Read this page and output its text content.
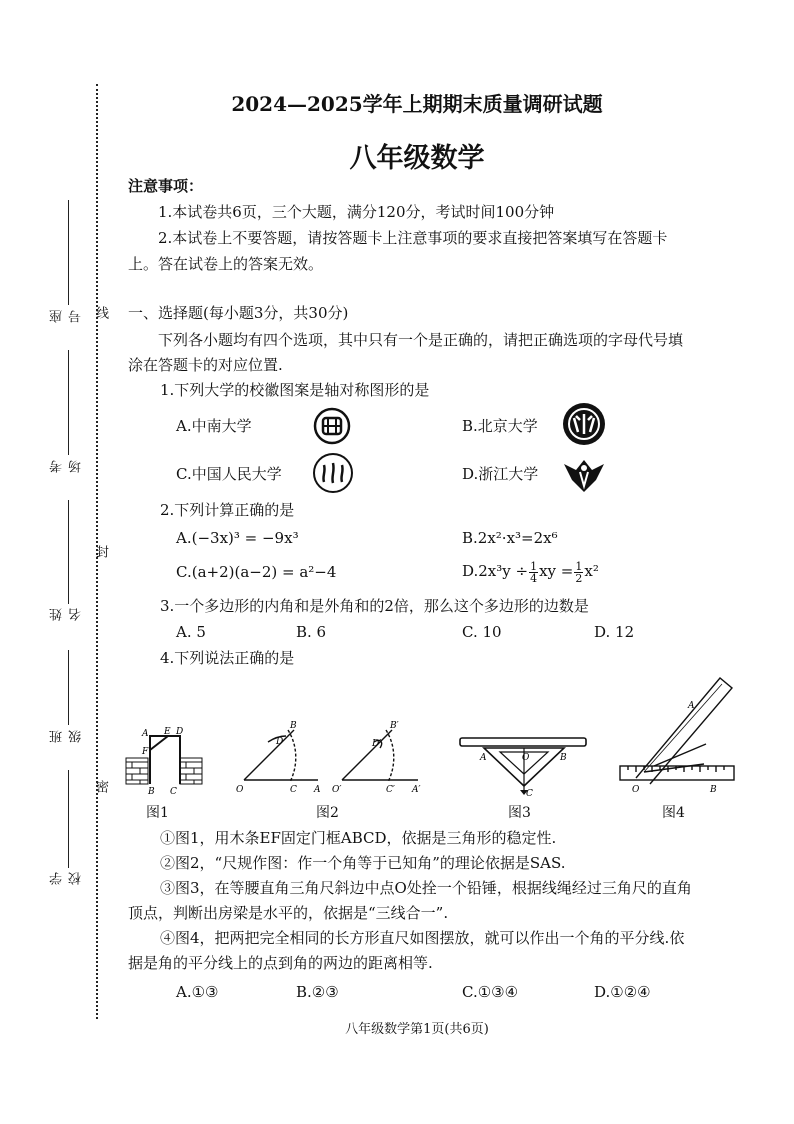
线
封
密
座号
考场
姓名
班级
学校
2024—2025学年上期期末质量调研试题
八年级数学
注意事项：
1.本试卷共6页，三个大题，满分120分，考试时间100分钟
2.本试卷上不要答题，请按答题卡上注意事项的要求直接把答案填写在答题卡
上。答在试卷上的答案无效。
一、选择题(每小题3分，共30分)
下列各小题均有四个选项，其中只有一个是正确的，请把正确选项的字母代号填
涂在答题卡的对应位置.
1.下列大学的校徽图案是轴对称图形的是
A.中南大学	B.北京大学
C.中国人民大学	D.浙江大学
2.下列计算正确的是
A.(−3x)³ = −9x³	B.2x²·x³=2x⁶
C.(a+2)(a−2) = a²−4	$D.2x^3y \div \frac{1}{4}$ xy = $\frac{1}{2} x^2$
3.一个多边形的内角和是外角和的2倍，那么这个多边形的边数是
A. 5	B. 6	C. 10	D. 12
4.下列说法正确的是
A E D
F
B C
B
D
O	C A
B′
D′
O′	C′ A′
A	O	B
C
A
O	B
图1	图2	图3	图4
①图1，用木条EF固定门框ABCD，依据是三角形的稳定性.
②图2，“尺规作图：作一个角等于已知角”的理论依据是SAS.
③图3，在等腰直角三角尺斜边中点O处拴一个铅锤，根据线绳经过三角尺的直角
顶点，判断出房梁是水平的，依据是“三线合一”.
④图4，把两把完全相同的长方形直尺如图摆放，就可以作出一个角的平分线.依
据是角的平分线上的点到角的两边的距离相等.
A.①③	B.②③	C.①③④	D.①②④
八年级数学第1页(共6页)
